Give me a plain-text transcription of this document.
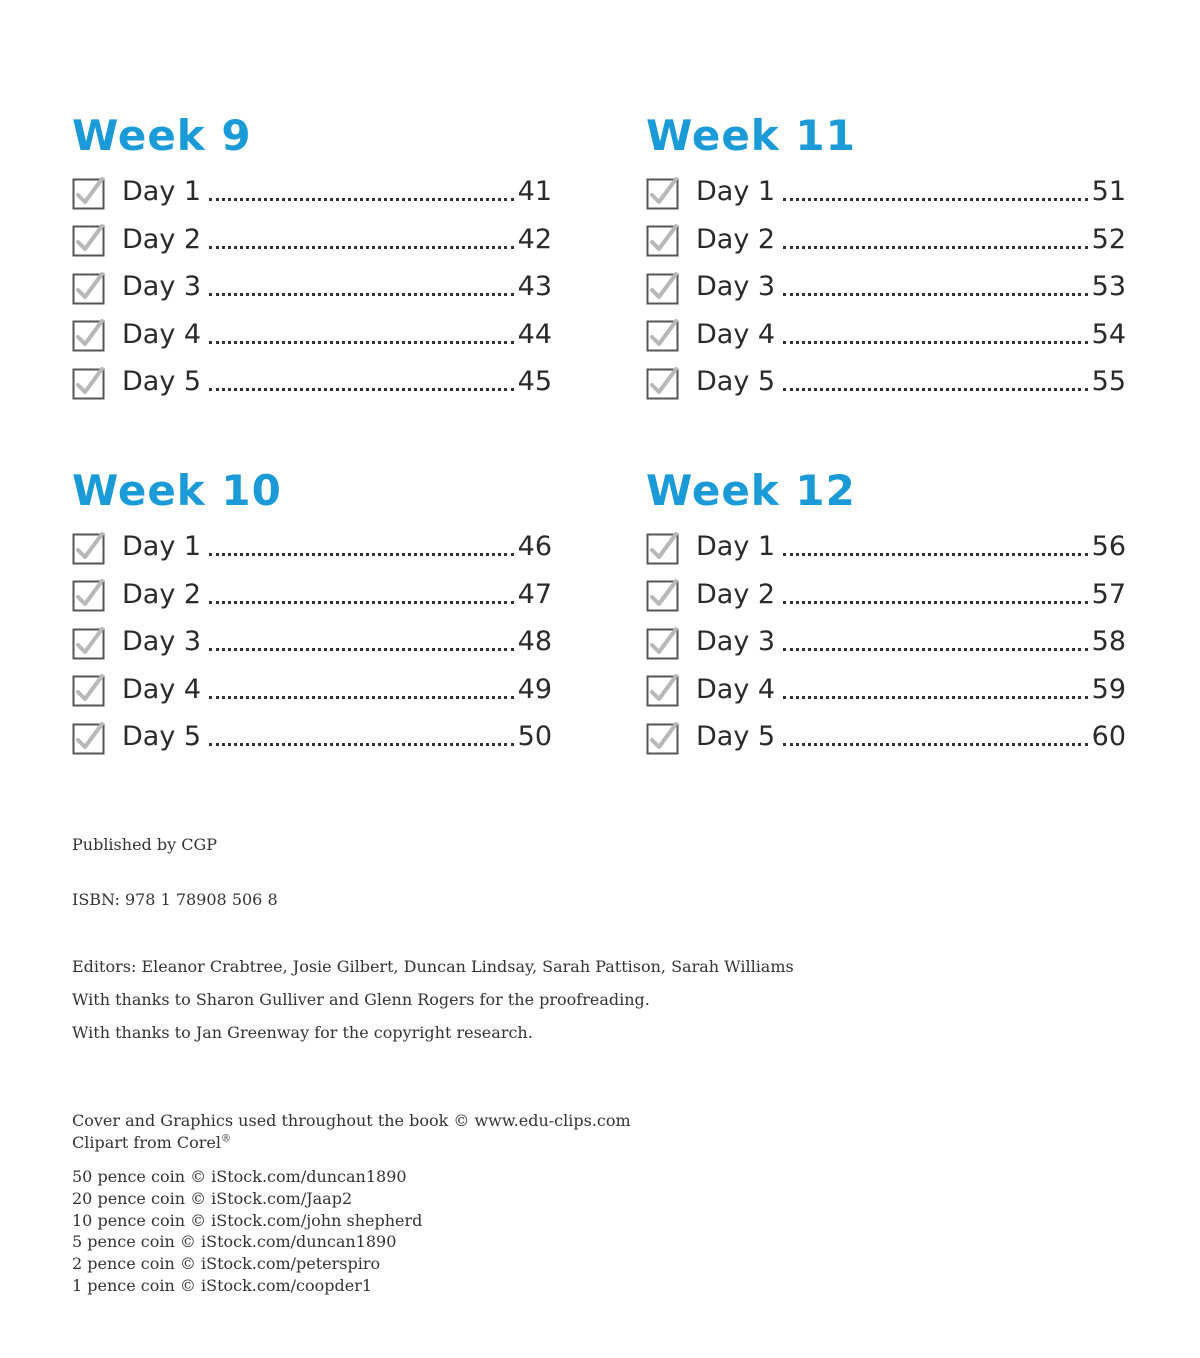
Week 9
Day 1	41
Day 2	42
Day 3	43
Day 4	44
Day 5	45
Week 11
Day 1	51
Day 2	52
Day 3	53
Day 4	54
Day 5	55
Week 10
Day 1	46
Day 2	47
Day 3	48
Day 4	49
Day 5	50
Week 12
Day 1	56
Day 2	57
Day 3	58
Day 4	59
Day 5	60

Published by CGP

ISBN: 978 1 78908 506 8

Editors: Eleanor Crabtree, Josie Gilbert, Duncan Lindsay, Sarah Pattison, Sarah Williams

With thanks to Sharon Gulliver and Glenn Rogers for the proofreading.

With thanks to Jan Greenway for the copyright research.

Cover and Graphics used throughout the book © www.edu-clips.com

Clipart from Corel®

50 pence coin © iStock.com/duncan1890
20 pence coin © iStock.com/Jaap2
10 pence coin © iStock.com/john shepherd
5 pence coin © iStock.com/duncan1890
2 pence coin © iStock.com/peterspiro
1 pence coin © iStock.com/coopder1
